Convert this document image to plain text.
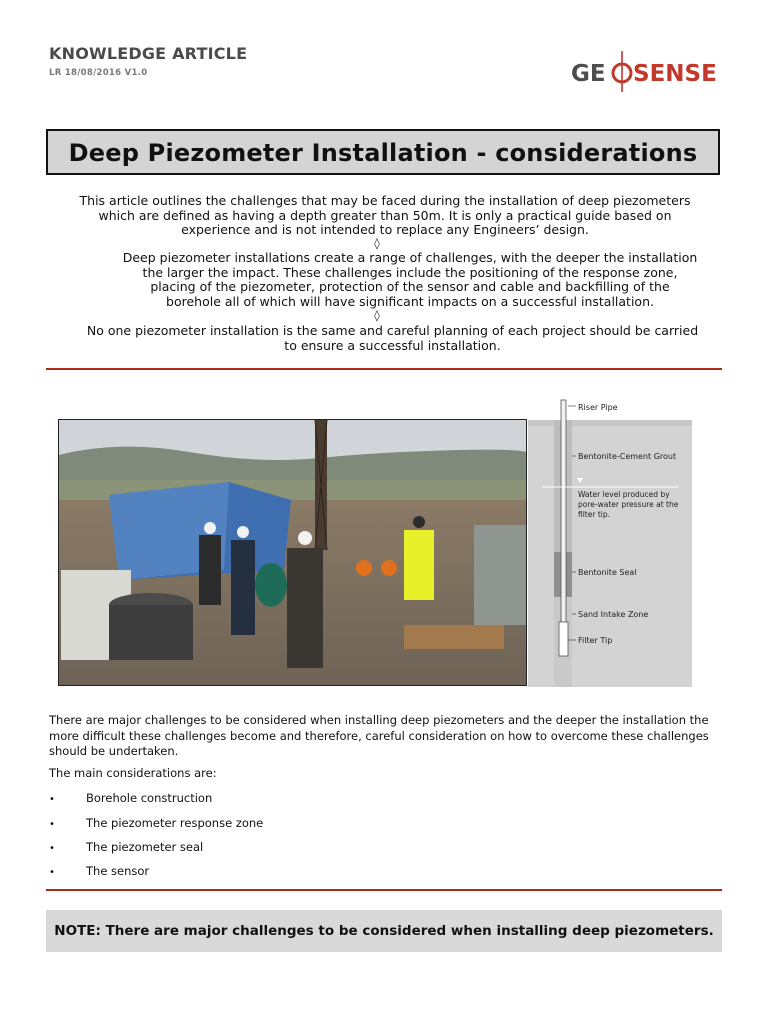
KNOWLEDGE ARTICLE
LR 18/08/2016 V1.0	GE SENSE
Deep Piezometer Installation - considerations
This article outlines the challenges that may be faced during the installation of deep piezometers
which are defined as having a depth greater than 50m. It is only a practical guide based on
experience and is not intended to replace any Engineers’ design.
◊
Deep piezometer installations create a range of challenges, with the deeper the installation
the larger the impact. These challenges include the positioning of the response zone,
placing of the piezometer, protection of the sensor and cable and backfilling of the
borehole all of which will have significant impacts on a successful installation.
◊
No one piezometer installation is the same and careful planning of each project should be carried
to ensure a successful installation.
Riser Pipe
Bentonite-Cement Grout
Water level produced by
pore-water pressure at the
filter tip.
Bentonite Seal
Sand Intake Zone
Filter Tip
There are major challenges to be considered when installing deep piezometers and the deeper the installation the
more difficult these challenges become and therefore, careful consideration on how to overcome these challenges
should be undertaken.
The main considerations are:
•	Borehole construction
•	The piezometer response zone
•	The piezometer seal
•	The sensor
NOTE: There are major challenges to be considered when installing deep piezometers.
